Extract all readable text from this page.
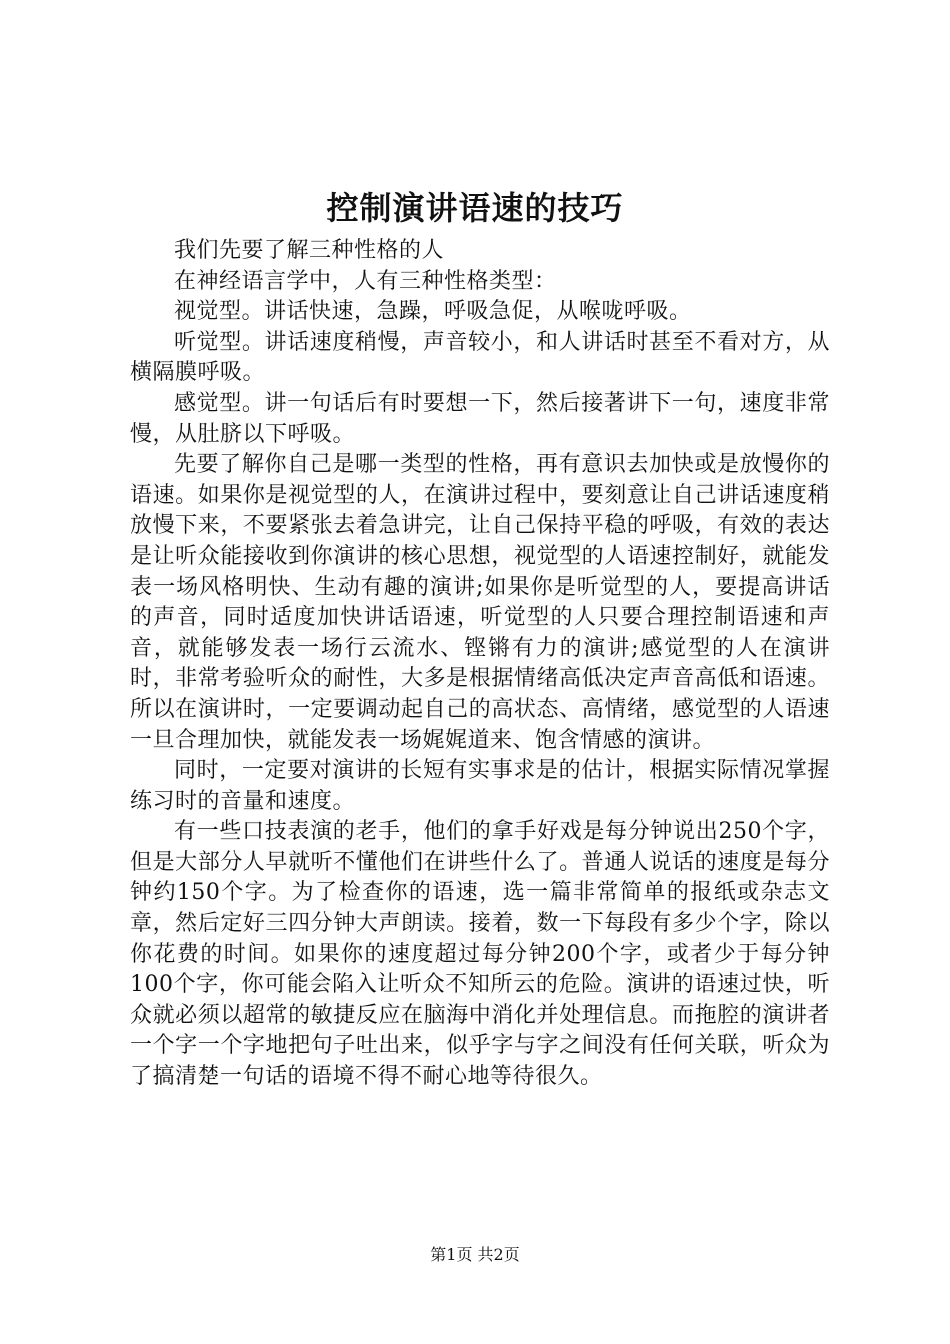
控制演讲语速的技巧

我们先要了解三种性格的人

在神经语言学中，人有三种性格类型：

视觉型。讲话快速，急躁，呼吸急促，从喉咙呼吸。

听觉型。讲话速度稍慢，声音较小，和人讲话时甚至不看对方，从横隔膜呼吸。

感觉型。讲一句话后有时要想一下，然后接著讲下一句，速度非常慢，从肚脐以下呼吸。

先要了解你自己是哪一类型的性格，再有意识去加快或是放慢你的语速。如果你是视觉型的人，在演讲过程中，要刻意让自己讲话速度稍放慢下来，不要紧张去着急讲完，让自己保持平稳的呼吸，有效的表达是让听众能接收到你演讲的核心思想，视觉型的人语速控制好，就能发表一场风格明快、生动有趣的演讲;如果你是听觉型的人，要提高讲话的声音，同时适度加快讲话语速，听觉型的人只要合理控制语速和声音，就能够发表一场行云流水、铿锵有力的演讲;感觉型的人在演讲时，非常考验听众的耐性，大多是根据情绪高低决定声音高低和语速。所以在演讲时，一定要调动起自己的高状态、高情绪，感觉型的人语速一旦合理加快，就能发表一场娓娓道来、饱含情感的演讲。

同时，一定要对演讲的长短有实事求是的估计，根据实际情况掌握练习时的音量和速度。

有一些口技表演的老手，他们的拿手好戏是每分钟说出250个字，但是大部分人早就听不懂他们在讲些什么了。普通人说话的速度是每分钟约150个字。为了检查你的语速，选一篇非常简单的报纸或杂志文章，然后定好三四分钟大声朗读。接着，数一下每段有多少个字，除以你花费的时间。如果你的速度超过每分钟200个字，或者少于每分钟100个字，你可能会陷入让听众不知所云的危险。演讲的语速过快，听众就必须以超常的敏捷反应在脑海中消化并处理信息。而拖腔的演讲者一个字一个字地把句子吐出来，似乎字与字之间没有任何关联，听众为了搞清楚一句话的语境不得不耐心地等待很久。

第1页 共2页
